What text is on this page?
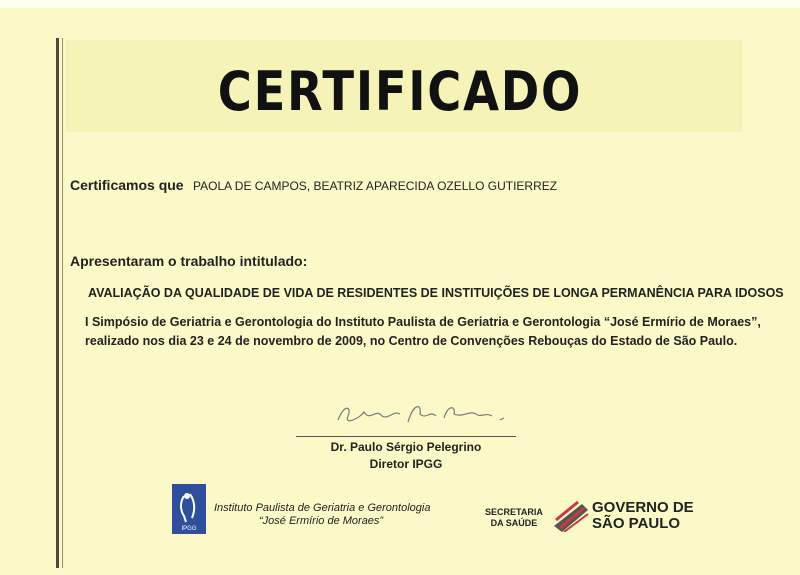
CERTIFICADO
Certificamos que PAOLA DE CAMPOS, BEATRIZ APARECIDA OZELLO GUTIERREZ
Apresentaram o trabalho intitulado:
AVALIAÇÃO DA QUALIDADE DE VIDA DE RESIDENTES DE INSTITUIÇÕES DE LONGA PERMANÊNCIA PARA IDOSOS
I Simpósio de Geriatria e Gerontologia do Instituto Paulista de Geriatria e Gerontologia “José Ermírio de Moraes”,
realizado nos dia 23 e 24 de novembro de 2009, no Centro de Convenções Rebouças do Estado de São Paulo.
Dr. Paulo Sérgio Pelegrino
Diretor IPGG
IPGG
Instituto Paulista de Geriatria e Gerontologia
“José Ermírio de Moraes”
SECRETARIA
DA SAÚDE
GOVERNO DE
SÃO PAULO
